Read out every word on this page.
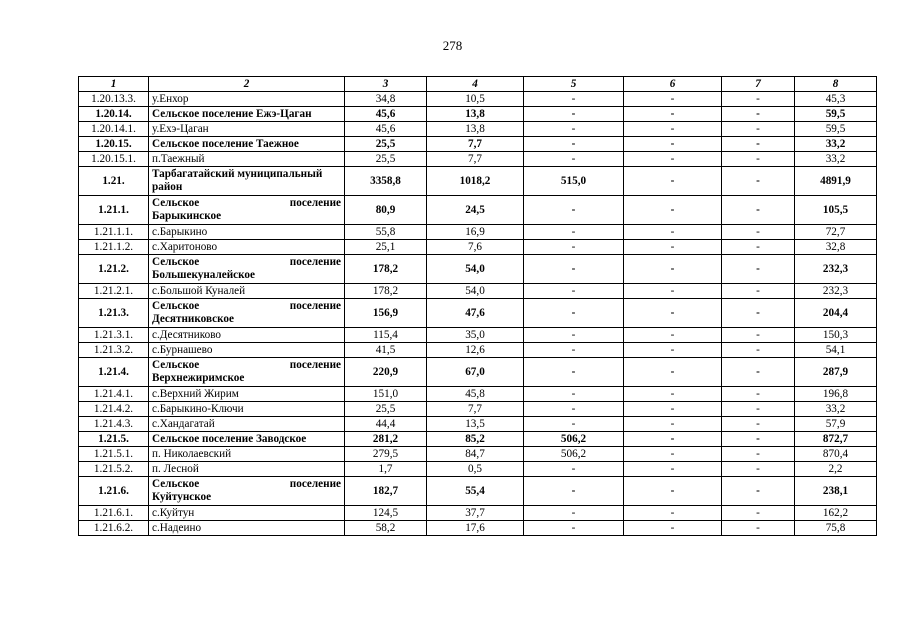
278
1	2	3	4	5	6	7	8
1.20.13.3.	у.Енхор	34,8	10,5	-	-	-	45,3
1.20.14.	Сельское поселение Ежэ-Цаган	45,6	13,8	-	-	-	59,5
1.20.14.1.	у.Ехэ-Цаган	45,6	13,8	-	-	-	59,5
1.20.15.	Сельское поселение Таежное	25,5	7,7	-	-	-	33,2
1.20.15.1.	п.Таежный	25,5	7,7	-	-	-	33,2
1.21.	Тарбагатайский муниципальный район	3358,8	1018,2	515,0	-	-	4891,9
1.21.1.	Сельское поселение
Барыкинское	80,9	24,5	-	-	-	105,5
1.21.1.1.	с.Барыкино	55,8	16,9	-	-	-	72,7
1.21.1.2.	с.Харитоново	25,1	7,6	-	-	-	32,8
1.21.2.	Сельское поселение
Большекуналейское	178,2	54,0	-	-	-	232,3
1.21.2.1.	с.Большой Куналей	178,2	54,0	-	-	-	232,3
1.21.3.	Сельское поселение
Десятниковское	156,9	47,6	-	-	-	204,4
1.21.3.1.	с.Десятниково	115,4	35,0	-	-	-	150,3
1.21.3.2.	с.Бурнашево	41,5	12,6	-	-	-	54,1
1.21.4.	Сельское поселение
Верхнежиримское	220,9	67,0	-	-	-	287,9
1.21.4.1.	с.Верхний Жирим	151,0	45,8	-	-	-	196,8
1.21.4.2.	с.Барыкино-Ключи	25,5	7,7	-	-	-	33,2
1.21.4.3.	с.Хандагатай	44,4	13,5	-	-	-	57,9
1.21.5.	Сельское поселение Заводское	281,2	85,2	506,2	-	-	872,7
1.21.5.1.	п. Николаевский	279,5	84,7	506,2	-	-	870,4
1.21.5.2.	п. Лесной	1,7	0,5	-	-	-	2,2
1.21.6.	Сельское поселение
Куйтунское	182,7	55,4	-	-	-	238,1
1.21.6.1.	с.Куйтун	124,5	37,7	-	-	-	162,2
1.21.6.2.	с.Надеино	58,2	17,6	-	-	-	75,8
